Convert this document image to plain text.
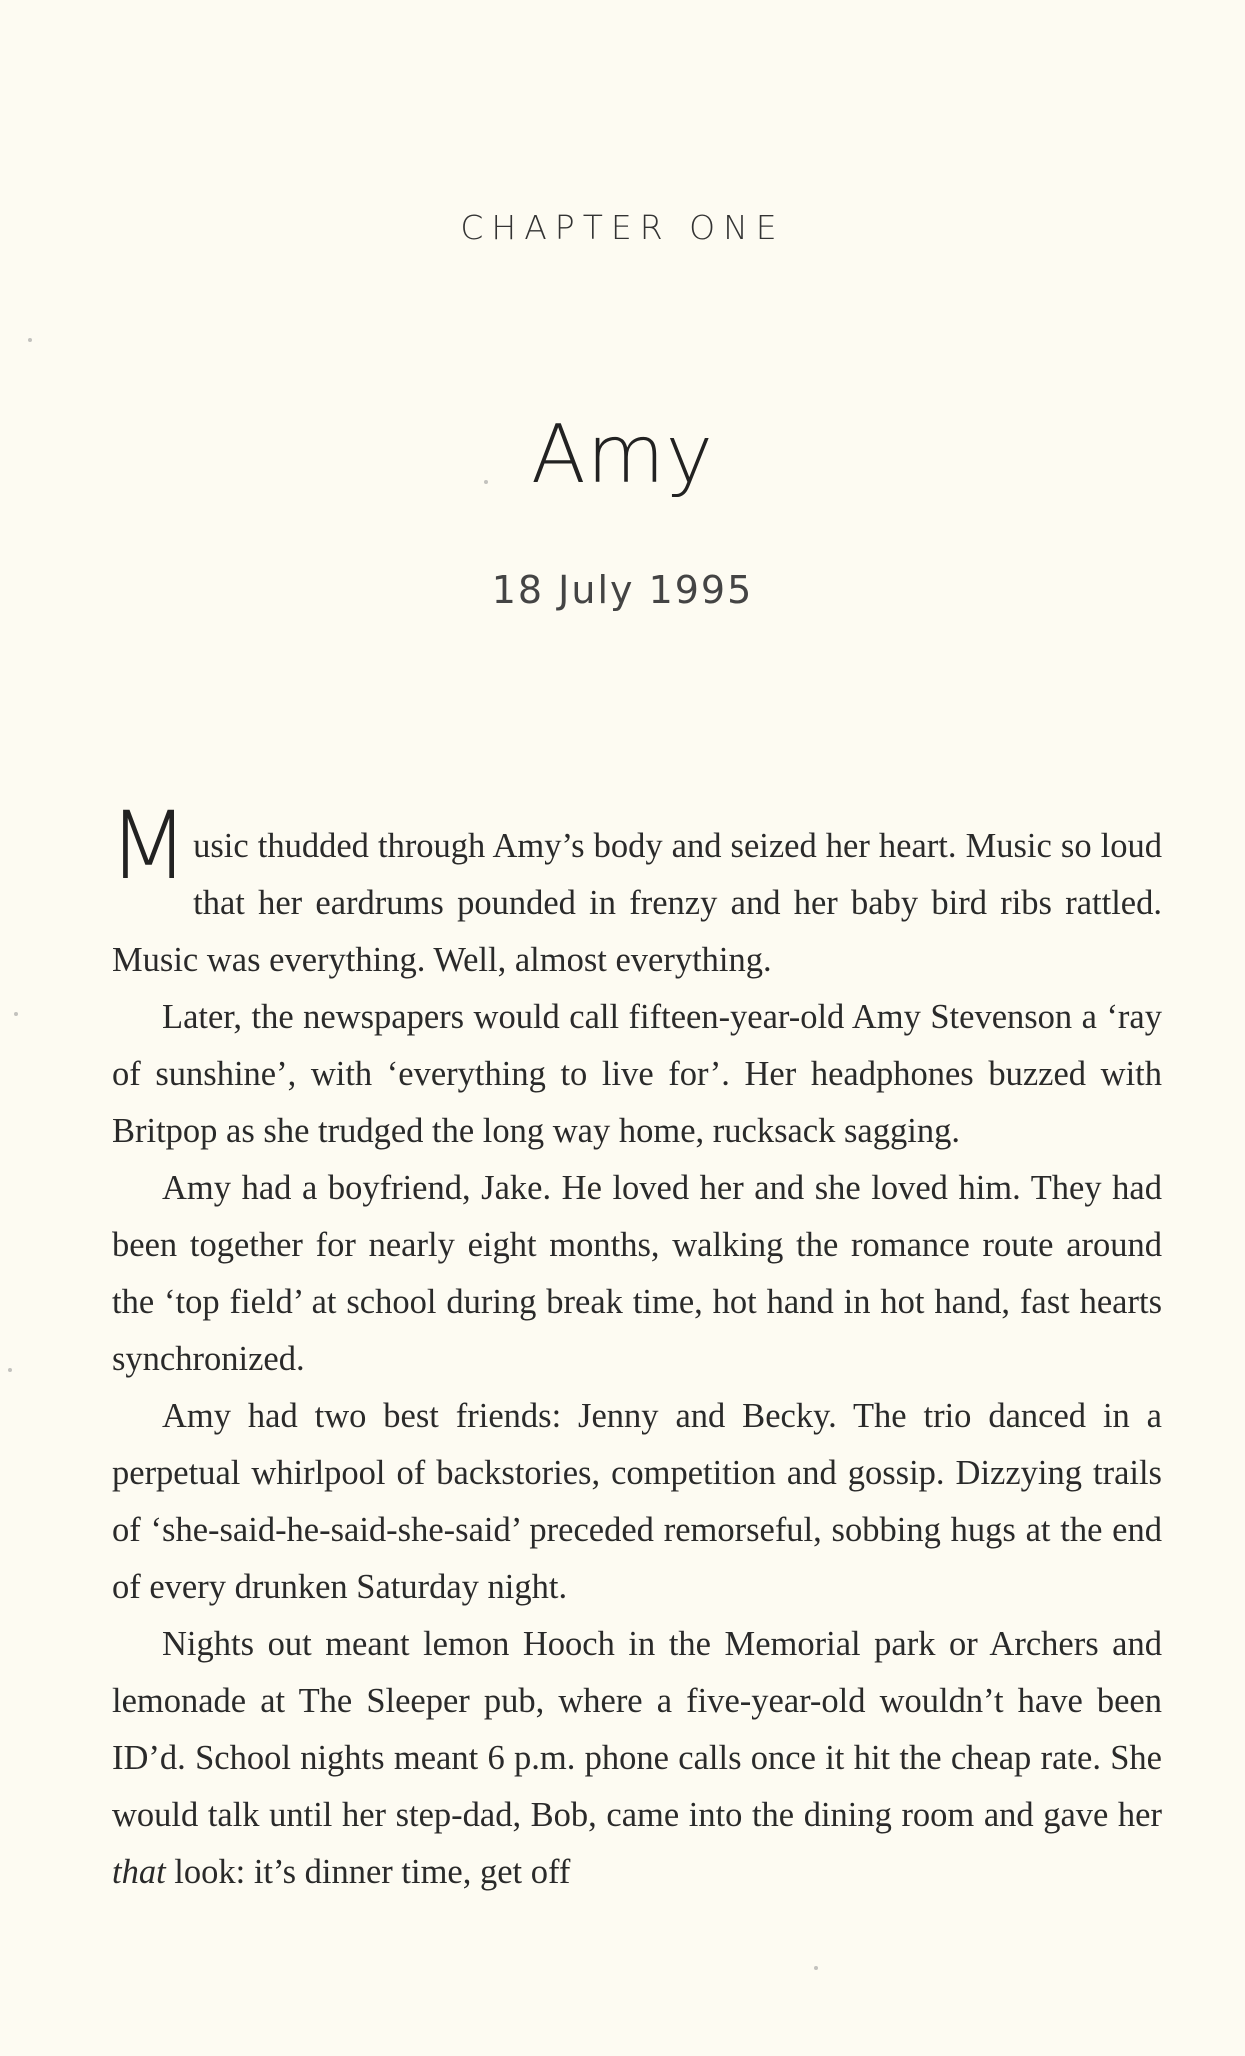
CHAPTER ONE
Amy
18 July 1995

Music thudded through Amy’s body and seized her heart. Music so loud that her eardrums pounded in frenzy and her baby bird ribs rattled. Music was everything. Well, almost everything.

Later, the newspapers would call fifteen-year-old Amy Stevenson a ‘ray of sunshine’, with ‘everything to live for’. Her headphones buzzed with Britpop as she trudged the long way home, rucksack sagging.

Amy had a boyfriend, Jake. He loved her and she loved him. They had been together for nearly eight months, walking the romance route around the ‘top field’ at school during break time, hot hand in hot hand, fast hearts synchronized.

Amy had two best friends: Jenny and Becky. The trio danced in a perpetual whirlpool of backstories, competition and gossip. Dizzying trails of ‘she-said-he-said-she-said’ preceded remorseful, sobbing hugs at the end of every drunken Saturday night.

Nights out meant lemon Hooch in the Memorial park or Archers and lemonade at The Sleeper pub, where a five-year-old wouldn’t have been ID’d. School nights meant 6 p.m. phone calls once it hit the cheap rate. She would talk until her step-dad, Bob, came into the dining room and gave her that look: it’s dinner time, get off
